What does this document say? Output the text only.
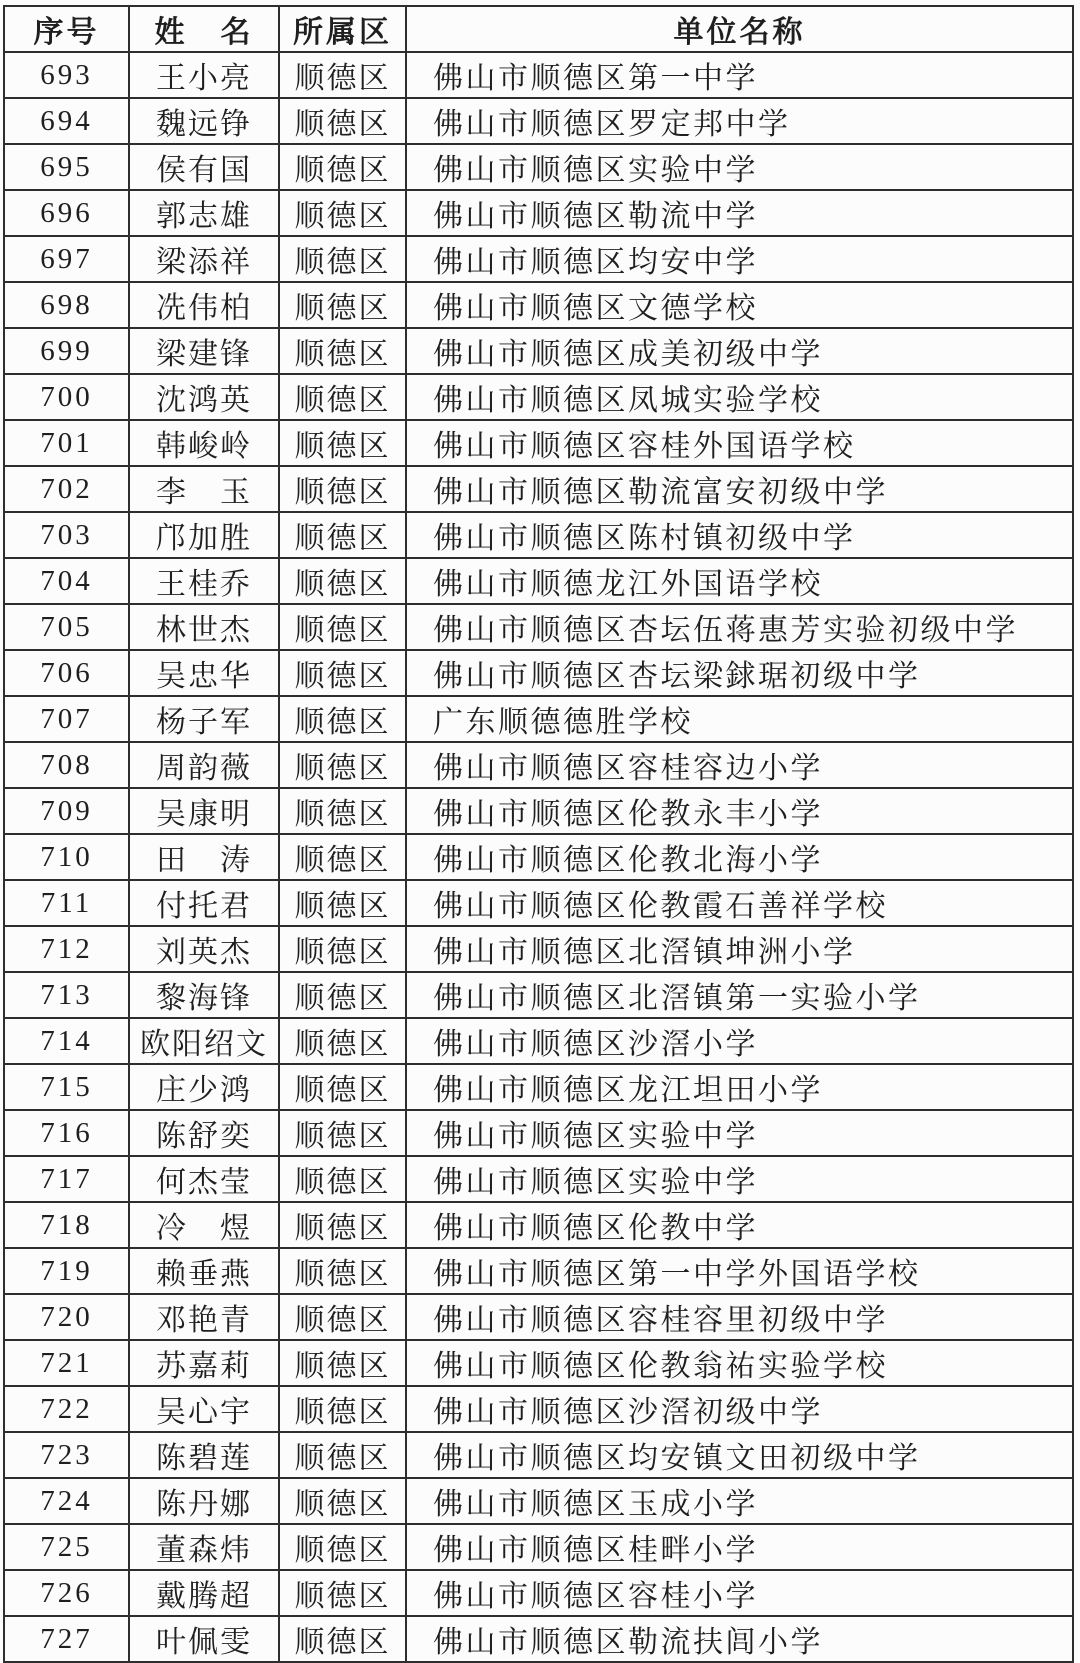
序号	姓　名	所属区	单位名称
693	王小亮	顺德区	佛山市顺德区第一中学
694	魏远铮	顺德区	佛山市顺德区罗定邦中学
695	侯有国	顺德区	佛山市顺德区实验中学
696	郭志雄	顺德区	佛山市顺德区勒流中学
697	梁添祥	顺德区	佛山市顺德区均安中学
698	冼伟柏	顺德区	佛山市顺德区文德学校
699	梁建锋	顺德区	佛山市顺德区成美初级中学
700	沈鸿英	顺德区	佛山市顺德区凤城实验学校
701	韩峻岭	顺德区	佛山市顺德区容桂外国语学校
702	李　玉	顺德区	佛山市顺德区勒流富安初级中学
703	邝加胜	顺德区	佛山市顺德区陈村镇初级中学
704	王桂乔	顺德区	佛山市顺德龙江外国语学校
705	林世杰	顺德区	佛山市顺德区杏坛伍蒋惠芳实验初级中学
706	吴忠华	顺德区	佛山市顺德区杏坛梁銶琚初级中学
707	杨子军	顺德区	广东顺德德胜学校
708	周韵薇	顺德区	佛山市顺德区容桂容边小学
709	吴康明	顺德区	佛山市顺德区伦教永丰小学
710	田　涛	顺德区	佛山市顺德区伦教北海小学
711	付托君	顺德区	佛山市顺德区伦教霞石善祥学校
712	刘英杰	顺德区	佛山市顺德区北滘镇坤洲小学
713	黎海锋	顺德区	佛山市顺德区北滘镇第一实验小学
714	欧阳绍文	顺德区	佛山市顺德区沙滘小学
715	庄少鸿	顺德区	佛山市顺德区龙江坦田小学
716	陈舒奕	顺德区	佛山市顺德区实验中学
717	何杰莹	顺德区	佛山市顺德区实验中学
718	冷　煜	顺德区	佛山市顺德区伦教中学
719	赖垂燕	顺德区	佛山市顺德区第一中学外国语学校
720	邓艳青	顺德区	佛山市顺德区容桂容里初级中学
721	苏嘉莉	顺德区	佛山市顺德区伦教翁祐实验学校
722	吴心宇	顺德区	佛山市顺德区沙滘初级中学
723	陈碧莲	顺德区	佛山市顺德区均安镇文田初级中学
724	陈丹娜	顺德区	佛山市顺德区玉成小学
725	董森炜	顺德区	佛山市顺德区桂畔小学
726	戴腾超	顺德区	佛山市顺德区容桂小学
727	叶佩雯	顺德区	佛山市顺德区勒流扶闾小学
